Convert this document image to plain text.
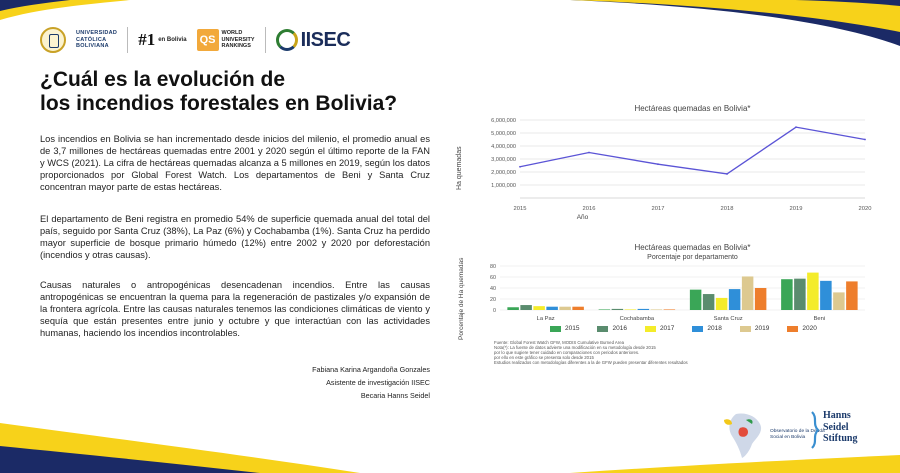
UNIVERSIDAD
CATÓLICA
BOLIVIANA	#1 en Bolivia QS
WORLD
UNIVERSITY
RANKINGS IISEC
¿Cuál es la evolución de
los incendios forestales en Bolivia?

Los incendios en Bolivia se han incrementado desde inicios del milenio, el promedio anual es de 3,7 millones de hectáreas quemadas entre 2001 y 2020 según el último reporte de la FAN y WCS (2021). La cifra de hectáreas quemadas alcanza a 5 millones en 2019, según los datos proporcionados por Global Forest Watch. Los departamentos de Beni y Santa Cruz concentran mayor parte de estas hectáreas.

El departamento de Beni registra en promedio 54% de superficie quemada anual del total del país, seguido por Santa Cruz (38%), La Paz (6%) y Cochabamba (1%). Santa Cruz ha perdido mayor superficie de bosque primario húmedo (12%) entre 2002 y 2020 por deforestación (incendios y otras causas).

Causas naturales o antropogénicas desencadenan incendios. Entre las causas antropogénicas se encuentran la quema para la regeneración de pastizales y/o expansión de la frontera agrícola. Entre las causas naturales tenemos las condiciones climáticas de viento y sequía que están presentes entre junio y octubre y que interactúan con las actividades humanas, haciendo los incendios incontrolables.

Fabiana Karina Argandoña Gonzales
Asistente de investigación IISEC
Becaria Hanns Seidel
Hectáreas quemadas en Bolivia*
Ha quemadas	1,000,000
2,000,000
3,000,000
4,000,000
5,000,000
6,000,000
2015	2016	2017	2018	2019	2020
Año
Hectáreas quemadas en Bolivia*
Porcentaje por departamento
Porcentaje de Ha quemadas	0
20
40
60
80
La Paz	Cochabamba	Santa Cruz	Beni
2015	2016	2017	2018	2019	2020
Fuente: Global Forest Watch GFW, MODIS Cumulative Burned Area
Nota(*): La fuente de datos advierte una modificación en su metodología desde 2015
por lo que sugiere tener cuidado en comparaciones con periodos anteriores.
por ello en este gráfico se presenta solo desde 2015
Estudios realizados con metodologías diferentes a la de GFW pueden presentar diferentes resultados
Observatorio de la Deuda Social en Bolivia
Hanns
Seidel
Stiftung
